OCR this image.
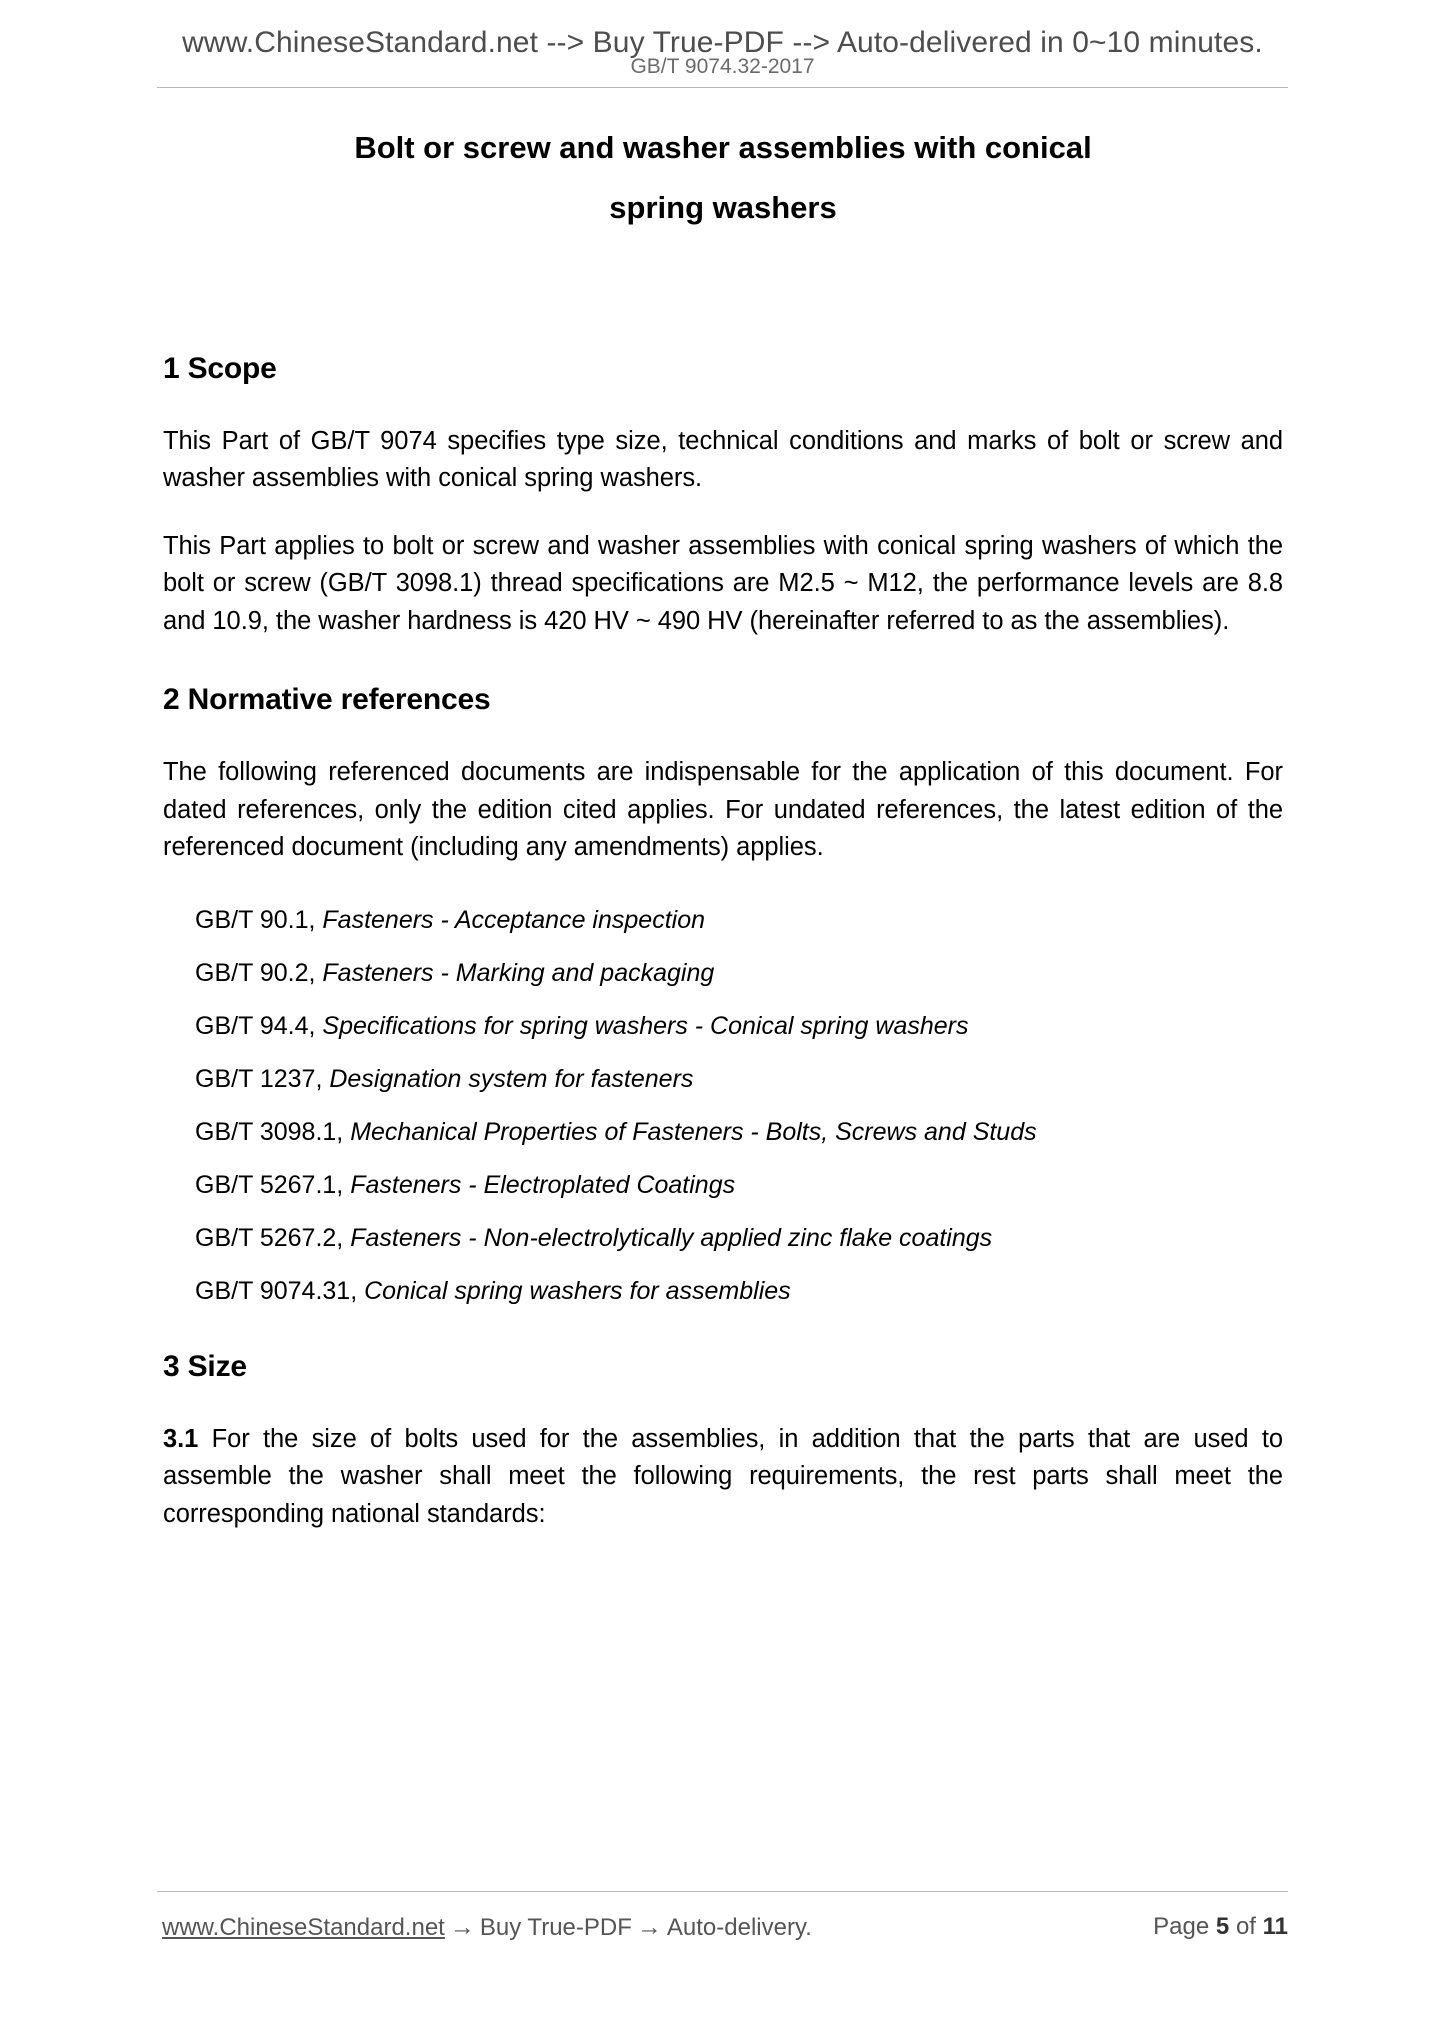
www.ChineseStandard.net --> Buy True-PDF --> Auto-delivered in 0~10 minutes.
GB/T 9074.32-2017
Bolt or screw and washer assemblies with conical
spring washers
1 Scope

This Part of GB/T 9074 specifies type size, technical conditions and marks of bolt or screw and washer assemblies with conical spring washers.

This Part applies to bolt or screw and washer assemblies with conical spring washers of which the bolt or screw (GB/T 3098.1) thread specifications are M2.5 ~ M12, the performance levels are 8.8 and 10.9, the washer hardness is 420 HV ~ 490 HV (hereinafter referred to as the assemblies).

2 Normative references

The following referenced documents are indispensable for the application of this document. For dated references, only the edition cited applies. For undated references, the latest edition of the referenced document (including any amendments) applies.

GB/T 90.1, Fasteners - Acceptance inspection

GB/T 90.2, Fasteners - Marking and packaging

GB/T 94.4, Specifications for spring washers - Conical spring washers

GB/T 1237, Designation system for fasteners

GB/T 3098.1, Mechanical Properties of Fasteners - Bolts, Screws and Studs

GB/T 5267.1, Fasteners - Electroplated Coatings

GB/T 5267.2, Fasteners - Non-electrolytically applied zinc flake coatings

GB/T 9074.31, Conical spring washers for assemblies

3 Size

3.1 For the size of bolts used for the assemblies, in addition that the parts that are used to assemble the washer shall meet the following requirements, the rest parts shall meet the corresponding national standards:

www.ChineseStandard.net → Buy True-PDF → Auto-delivery.	Page 5 of 11
